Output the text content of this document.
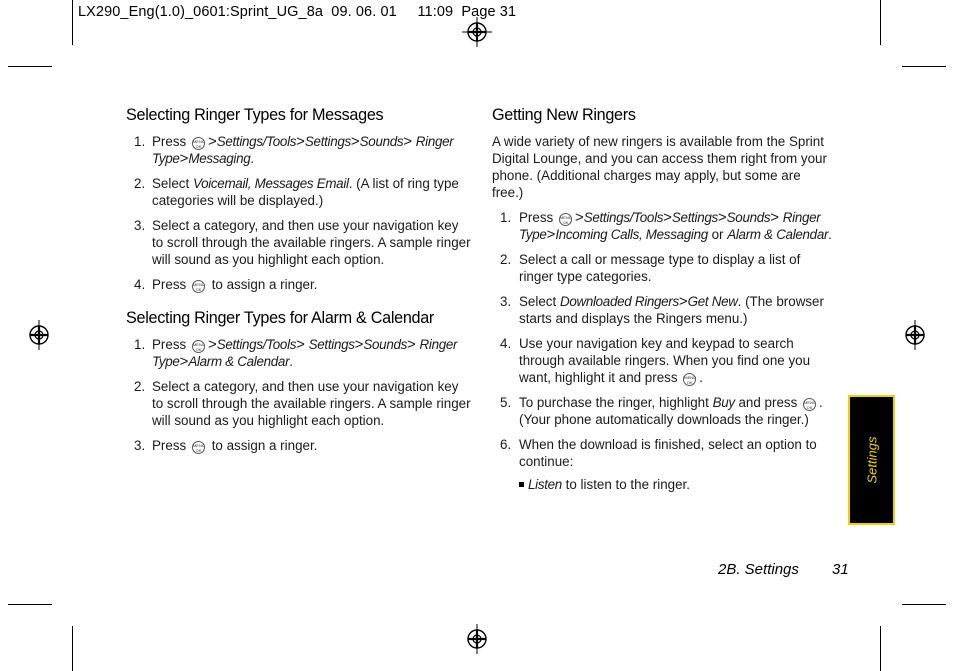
LX290_Eng(1.0)_0601:Sprint_UG_8a  09. 06. 01     11:09  Page 31
Selecting Ringer Types for Messages
1. Press MENU
OK >Settings/Tools>Settings>Sounds> Ringer Type>Messaging.
2. Select Voicemail, Messages Email. (A list of ring type categories will be displayed.)
3. Select a category, and then use your navigation key to scroll through the available ringers. A sample ringer will sound as you highlight each option.
4. Press MENU
OK to assign a ringer.
Selecting Ringer Types for Alarm & Calendar
1. Press MENU
OK >Settings/Tools> Settings>Sounds> Ringer Type>Alarm & Calendar.
2. Select a category, and then use your navigation key to scroll through the available ringers. A sample ringer will sound as you highlight each option.
3. Press MENU
OK to assign a ringer.
Getting New Ringers

A wide variety of new ringers is available from the Sprint Digital Lounge, and you can access them right from your phone. (Additional charges may apply, but some are free.)

1. Press MENU
OK >Settings/Tools>Settings>Sounds> Ringer Type>Incoming Calls, Messaging or Alarm & Calendar.
2. Select a call or message type to display a list of ringer type categories.
3. Select Downloaded Ringers>Get New. (The browser starts and displays the Ringers menu.)
4. Use your navigation key and keypad to search through available ringers. When you find one you want, highlight it and press MENU
OK .
5. To purchase the ringer, highlight Buy and press MENU
OK . (Your phone automatically downloads the ringer.)
6. When the download is finished, select an option to continue:
Listen to listen to the ringer.
Settings
2B. Settings 31
